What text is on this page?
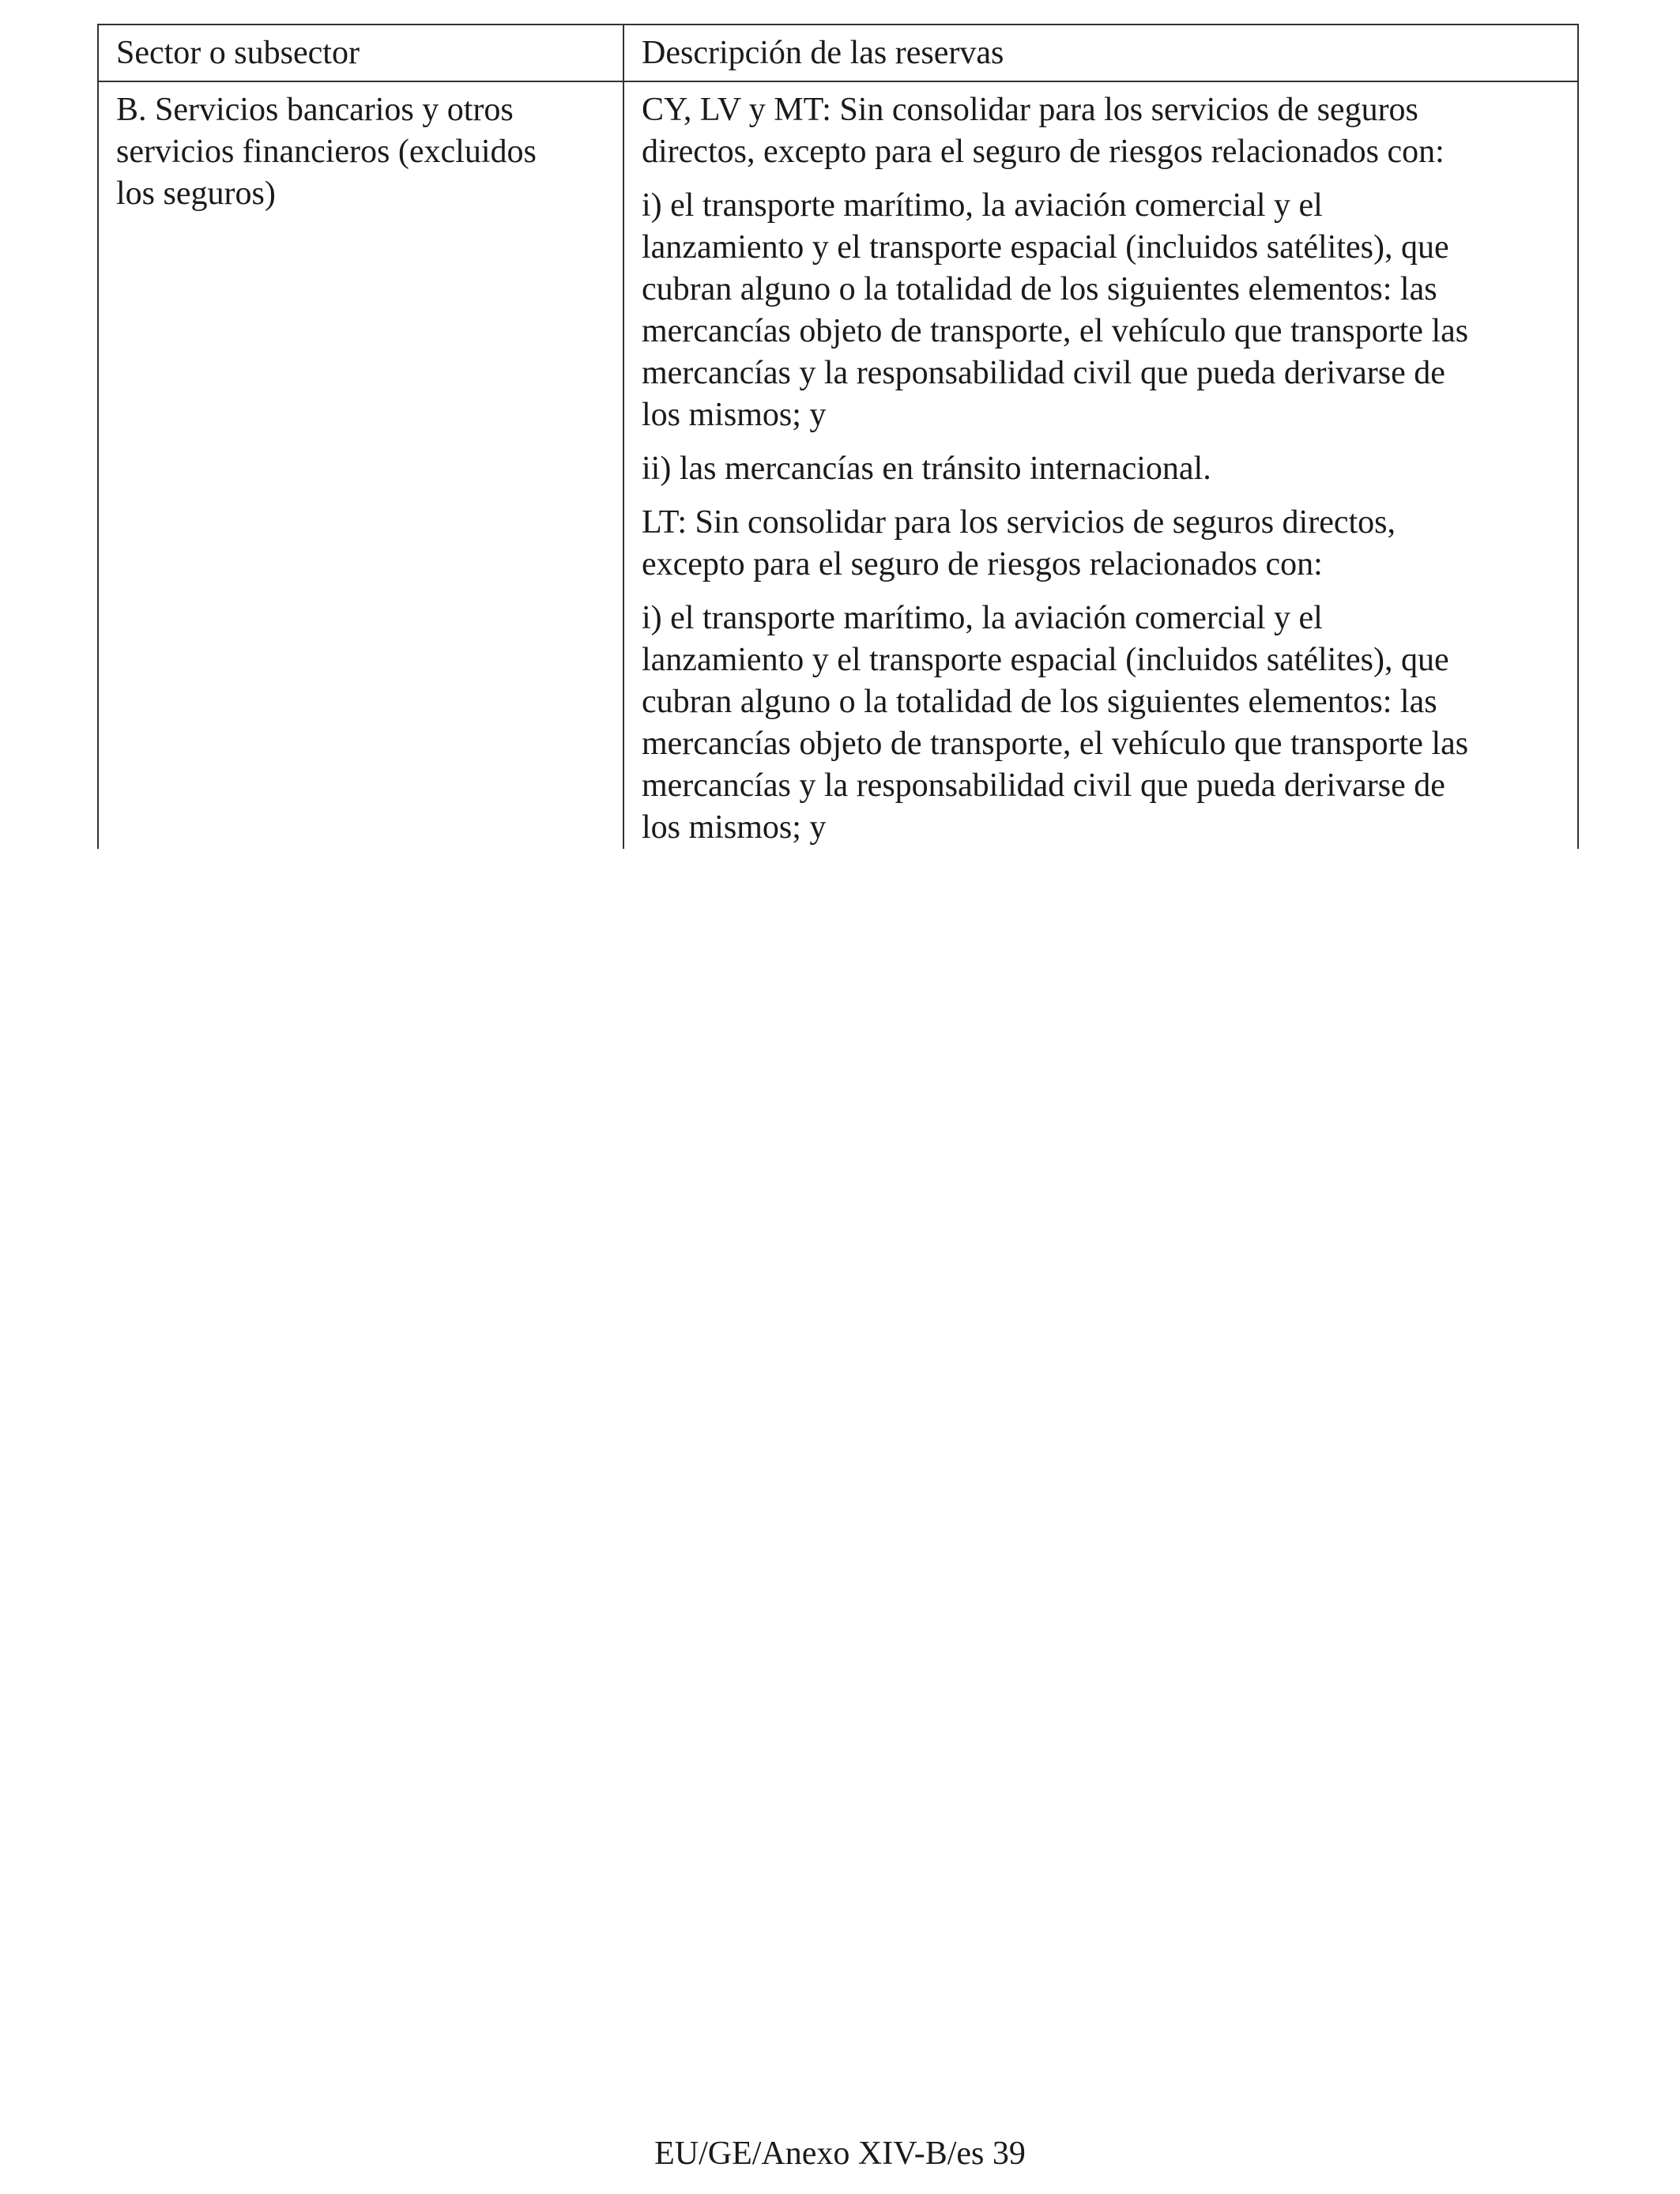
Sector o subsector	Descripción de las reservas
B. Servicios bancarios y otros
servicios financieros (excluidos
los seguros)
CY, LV y MT: Sin consolidar para los servicios de seguros
directos, excepto para el seguro de riesgos relacionados con:
i) el transporte marítimo, la aviación comercial y el
lanzamiento y el transporte espacial (incluidos satélites), que
cubran alguno o la totalidad de los siguientes elementos: las
mercancías objeto de transporte, el vehículo que transporte las
mercancías y la responsabilidad civil que pueda derivarse de
los mismos; y
ii) las mercancías en tránsito internacional.
LT: Sin consolidar para los servicios de seguros directos,
excepto para el seguro de riesgos relacionados con:
i) el transporte marítimo, la aviación comercial y el
lanzamiento y el transporte espacial (incluidos satélites), que
cubran alguno o la totalidad de los siguientes elementos: las
mercancías objeto de transporte, el vehículo que transporte las
mercancías y la responsabilidad civil que pueda derivarse de
los mismos; y
EU/GE/Anexo XIV-B/es 39
